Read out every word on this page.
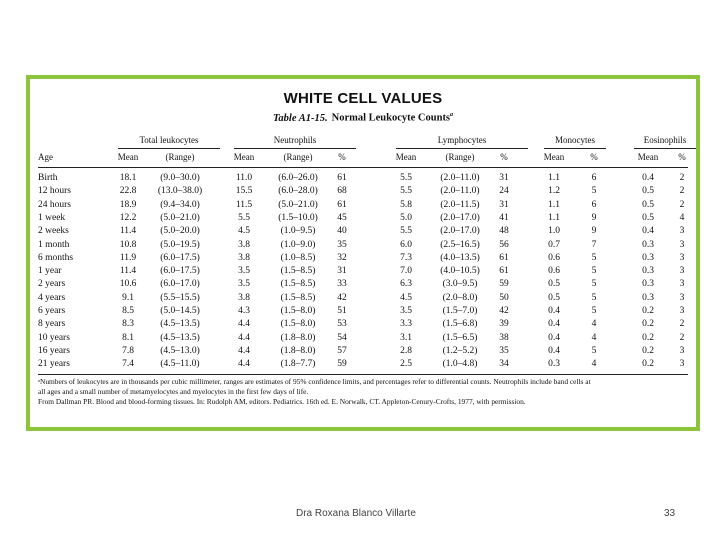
WHITE CELL VALUES
Table A1-15. Normal Leukocyte Counts$^a$
Total leukocytes	Neutrophils	Lymphocytes	Monocytes	Eosinophils
Age	Mean	(Range)	Mean	(Range)	%	Mean	(Range)	%	Mean	%	Mean	%
Birth	18.1	(9.0–30.0)	11.0	(6.0–26.0)	61	5.5	(2.0–11.0)	31	1.1	6	0.4	2
12 hours	22.8	(13.0–38.0)	15.5	(6.0–28.0)	68	5.5	(2.0–11.0)	24	1.2	5	0.5	2
24 hours	18.9	(9.4–34.0)	11.5	(5.0–21.0)	61	5.8	(2.0–11.5)	31	1.1	6	0.5	2
1 week	12.2	(5.0–21.0)	5.5	(1.5–10.0)	45	5.0	(2.0–17.0)	41	1.1	9	0.5	4
2 weeks	11.4	(5.0–20.0)	4.5	(1.0–9.5)	40	5.5	(2.0–17.0)	48	1.0	9	0.4	3
1 month	10.8	(5.0–19.5)	3.8	(1.0–9.0)	35	6.0	(2.5–16.5)	56	0.7	7	0.3	3
6 months	11.9	(6.0–17.5)	3.8	(1.0–8.5)	32	7.3	(4.0–13.5)	61	0.6	5	0.3	3
1 year	11.4	(6.0–17.5)	3.5	(1.5–8.5)	31	7.0	(4.0–10.5)	61	0.6	5	0.3	3
2 years	10.6	(6.0–17.0)	3.5	(1.5–8.5)	33	6.3	(3.0–9.5)	59	0.5	5	0.3	3
4 years	9.1	(5.5–15.5)	3.8	(1.5–8.5)	42	4.5	(2.0–8.0)	50	0.5	5	0.3	3
6 years	8.5	(5.0–14.5)	4.3	(1.5–8.0)	51	3.5	(1.5–7.0)	42	0.4	5	0.2	3
8 years	8.3	(4.5–13.5)	4.4	(1.5–8.0)	53	3.3	(1.5–6.8)	39	0.4	4	0.2	2
10 years	8.1	(4.5–13.5)	4.4	(1.8–8.0)	54	3.1	(1.5–6.5)	38	0.4	4	0.2	2
16 years	7.8	(4.5–13.0)	4.4	(1.8–8.0)	57	2.8	(1.2–5.2)	35	0.4	5	0.2	3
21 years	7.4	(4.5–11.0)	4.4	(1.8–7.7)	59	2.5	(1.0–4.8)	34	0.3	4	0.2	3
ᵃNumbers of leukocytes are in thousands per cubic millimeter, ranges are estimates of 95% confidence limits, and percentages refer to differential counts. Neutrophils include band cells at
all ages and a small number of metamyelocytes and myelocytes in the first few days of life.
From Dallman PR. Blood and blood-forming tissues. In: Rudolph AM, editors. Pediatrics. 16th ed. E. Norwalk, CT. Appleton-Cenury-Crofts, 1977, with permission.
Dra Roxana Blanco Villarte	33
